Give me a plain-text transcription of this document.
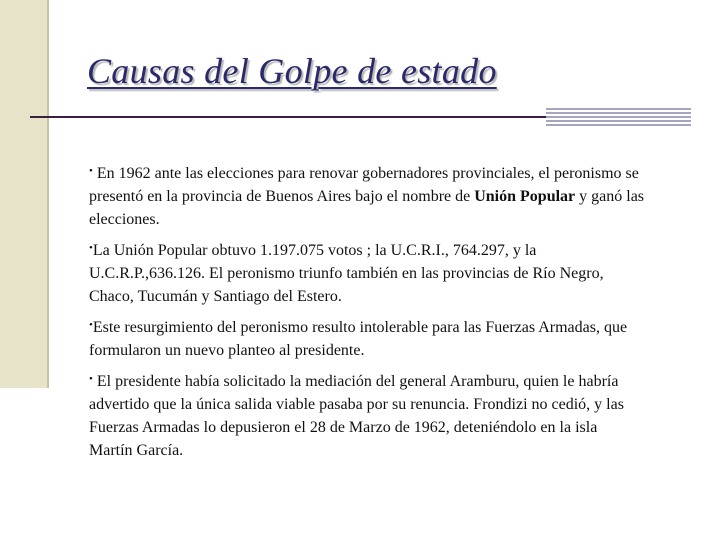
Causas del Golpe de estado

• En 1962 ante las elecciones para renovar gobernadores provinciales, el peronismo se presentó en la provincia de Buenos Aires bajo el nombre de Unión Popular y ganó las elecciones.

•La Unión Popular obtuvo 1.197.075 votos ; la U.C.R.I., 764.297, y la U.C.R.P.,636.126. El peronismo triunfo también en las provincias de Río Negro, Chaco, Tucumán y Santiago del Estero.

•Este resurgimiento del peronismo resulto intolerable para las Fuerzas Armadas, que formularon un nuevo planteo al presidente.

• El presidente había solicitado la mediación del general Aramburu, quien le habría advertido que la única salida viable pasaba por su renuncia. Frondizi no cedió, y las Fuerzas Armadas lo depusieron el 28 de Marzo de 1962, deteniéndolo en la isla Martín García.
